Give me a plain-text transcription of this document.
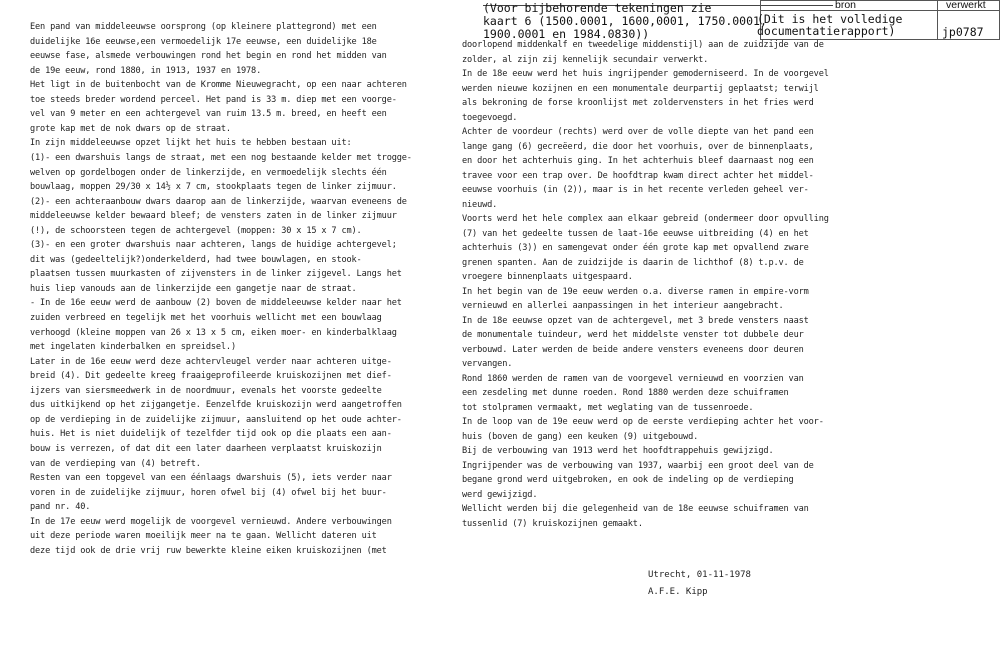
(Voor bijbehorende tekeningen zie
kaart 6 (1500.0001, 1600,0001, 1750.0001,
1900.0001 en 1984.0830))
bron	verwerkt
(Dit is het volledige
documentatierapport)	jp0787
Een pand van middeleeuwse oorsprong (op kleinere plattegrond) met een
duidelijke 16e eeuwse,een vermoedelijk 17e eeuwse, een duidelijke 18e
eeuwse fase, alsmede verbouwingen rond het begin en rond het midden van
de 19e eeuw, rond 1880, in 1913, 1937 en 1978.
Het ligt in de buitenbocht van de Kromme Nieuwegracht, op een naar achteren
toe steeds breder wordend perceel. Het pand is 33 m. diep met een voorge-
vel van 9 meter en een achtergevel van ruim 13.5 m. breed, en heeft een
grote kap met de nok dwars op de straat.
In zijn middeleeuwse opzet lijkt het huis te hebben bestaan uit:
(1)- een dwarshuis langs de straat, met een nog bestaande kelder met trogge-
welven op gordelbogen onder de linkerzijde, en vermoedelijk slechts één
bouwlaag, moppen 29/30 x 14½ x 7 cm, stookplaats tegen de linker zijmuur.
(2)- een achteraanbouw dwars daarop aan de linkerzijde, waarvan eveneens de
middeleeuwse kelder bewaard bleef; de vensters zaten in de linker zijmuur
(!), de schoorsteen tegen de achtergevel (moppen: 30 x 15 x 7 cm).
(3)- en een groter dwarshuis naar achteren, langs de huidige achtergevel;
dit was (gedeeltelijk?)onderkelderd, had twee bouwlagen, en stook-
plaatsen tussen muurkasten of zijvensters in de linker zijgevel. Langs het
huis liep vanouds aan de linkerzijde een gangetje naar de straat.
- In de 16e eeuw werd de aanbouw (2) boven de middeleeuwse kelder naar het
zuiden verbreed en tegelijk met het voorhuis wellicht met een bouwlaag
verhoogd (kleine moppen van 26 x 13 x 5 cm, eiken moer- en kinderbalklaag
met ingelaten kinderbalken en spreidsel.)
Later in de 16e eeuw werd deze achtervleugel verder naar achteren uitge-
breid (4). Dit gedeelte kreeg fraaigeprofileerde kruiskozijnen met dief-
ijzers van siersmeedwerk in de noordmuur, evenals het voorste gedeelte
dus uitkijkend op het zijgangetje. Eenzelfde kruiskozijn werd aangetroffen
op de verdieping in de zuidelijke zijmuur, aansluitend op het oude achter-
huis. Het is niet duidelijk of tezelfder tijd ook op die plaats een aan-
bouw is verrezen, of dat dit een later daarheen verplaatst kruiskozijn
van de verdieping van (4) betreft.
Resten van een topgevel van een éénlaags dwarshuis (5), iets verder naar
voren in de zuidelijke zijmuur, horen ofwel bij (4) ofwel bij het buur-
pand nr. 40.
In de 17e eeuw werd mogelijk de voorgevel vernieuwd. Andere verbouwingen
uit deze periode waren moeilijk meer na te gaan. Wellicht dateren uit
deze tijd ook de drie vrij ruw bewerkte kleine eiken kruiskozijnen (met
doorlopend middenkalf en tweedelige middenstijl) aan de zuidzijde van de
zolder, al zijn zij kennelijk secundair verwerkt.
In de 18e eeuw werd het huis ingrijpender gemoderniseerd. In de voorgevel
werden nieuwe kozijnen en een monumentale deurpartij geplaatst; terwijl
als bekroning de forse kroonlijst met zoldervensters in het fries werd
toegevoegd.
Achter de voordeur (rechts) werd over de volle diepte van het pand een
lange gang (6) gecreëerd, die door het voorhuis, over de binnenplaats,
en door het achterhuis ging. In het achterhuis bleef daarnaast nog een
travee voor een trap over. De hoofdtrap kwam direct achter het middel-
eeuwse voorhuis (in (2)), maar is in het recente verleden geheel ver-
nieuwd.
Voorts werd het hele complex aan elkaar gebreid (ondermeer door opvulling
(7) van het gedeelte tussen de laat-16e eeuwse uitbreiding (4) en het
achterhuis (3)) en samengevat onder één grote kap met opvallend zware
grenen spanten. Aan de zuidzijde is daarin de lichthof (8) t.p.v. de
vroegere binnenplaats uitgespaard.
In het begin van de 19e eeuw werden o.a. diverse ramen in empire-vorm
vernieuwd en allerlei aanpassingen in het interieur aangebracht.
In de 18e eeuwse opzet van de achtergevel, met 3 brede vensters naast
de monumentale tuindeur, werd het middelste venster tot dubbele deur
verbouwd. Later werden de beide andere vensters eveneens door deuren
vervangen.
Rond 1860 werden de ramen van de voorgevel vernieuwd en voorzien van
een zesdeling met dunne roeden. Rond 1880 werden deze schuiframen
tot stolpramen vermaakt, met weglating van de tussenroede.
In de loop van de 19e eeuw werd op de eerste verdieping achter het voor-
huis (boven de gang) een keuken (9) uitgebouwd.
Bij de verbouwing van 1913 werd het hoofdtrappehuis gewijzigd.
Ingrijpender was de verbouwing van 1937, waarbij een groot deel van de
begane grond werd uitgebroken, en ook de indeling op de verdieping
werd gewijzigd.
Wellicht werden bij die gelegenheid van de 18e eeuwse schuiframen van
tussenlid (7) kruiskozijnen gemaakt.
Utrecht, 01-11-1978
A.F.E. Kipp
